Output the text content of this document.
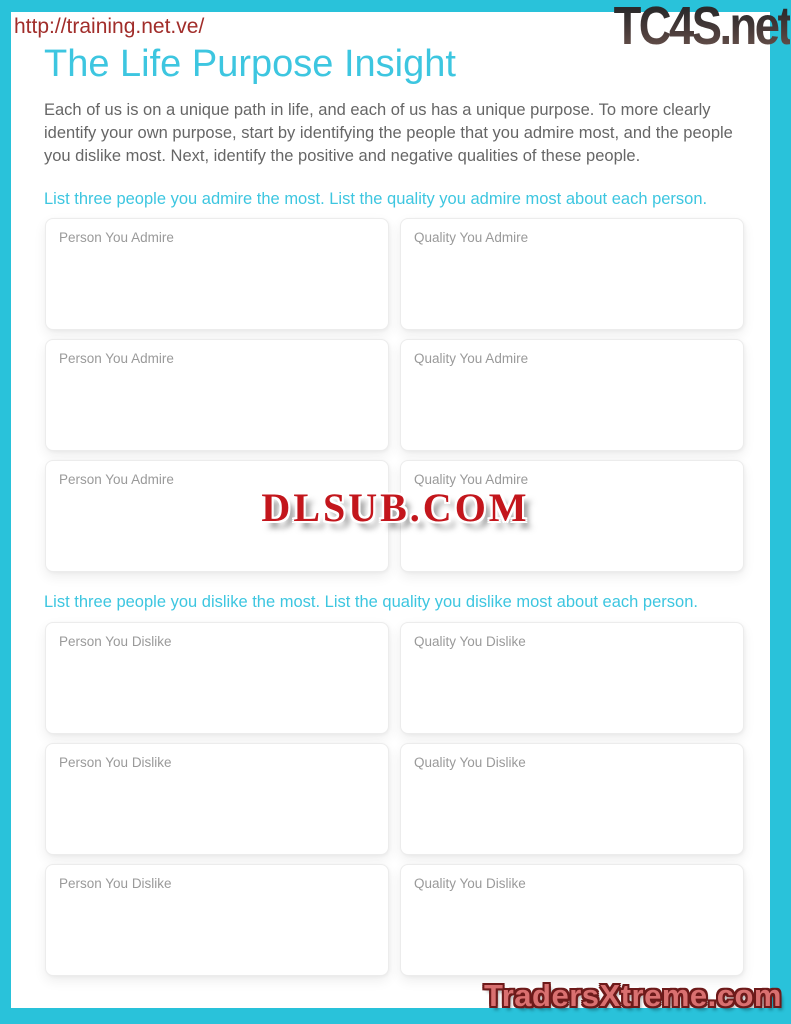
http://training.net.ve/
The Life Purpose Insight

Each of us is on a unique path in life, and each of us has a unique purpose. To more clearly identify your own purpose, start by identifying the people that you admire most, and the people you dislike most. Next, identify the positive and negative qualities of these people.

List three people you admire the most. List the quality you admire most about each person.
Person You Admire
Quality You Admire
Person You Admire
Quality You Admire
Person You Admire
Quality You Admire
List three people you dislike the most. List the quality you dislike most about each person.
Person You Dislike
Quality You Dislike
Person You Dislike
Quality You Dislike
Person You Dislike
Quality You Dislike
DLSUB.COM
TradersXtreme.com
